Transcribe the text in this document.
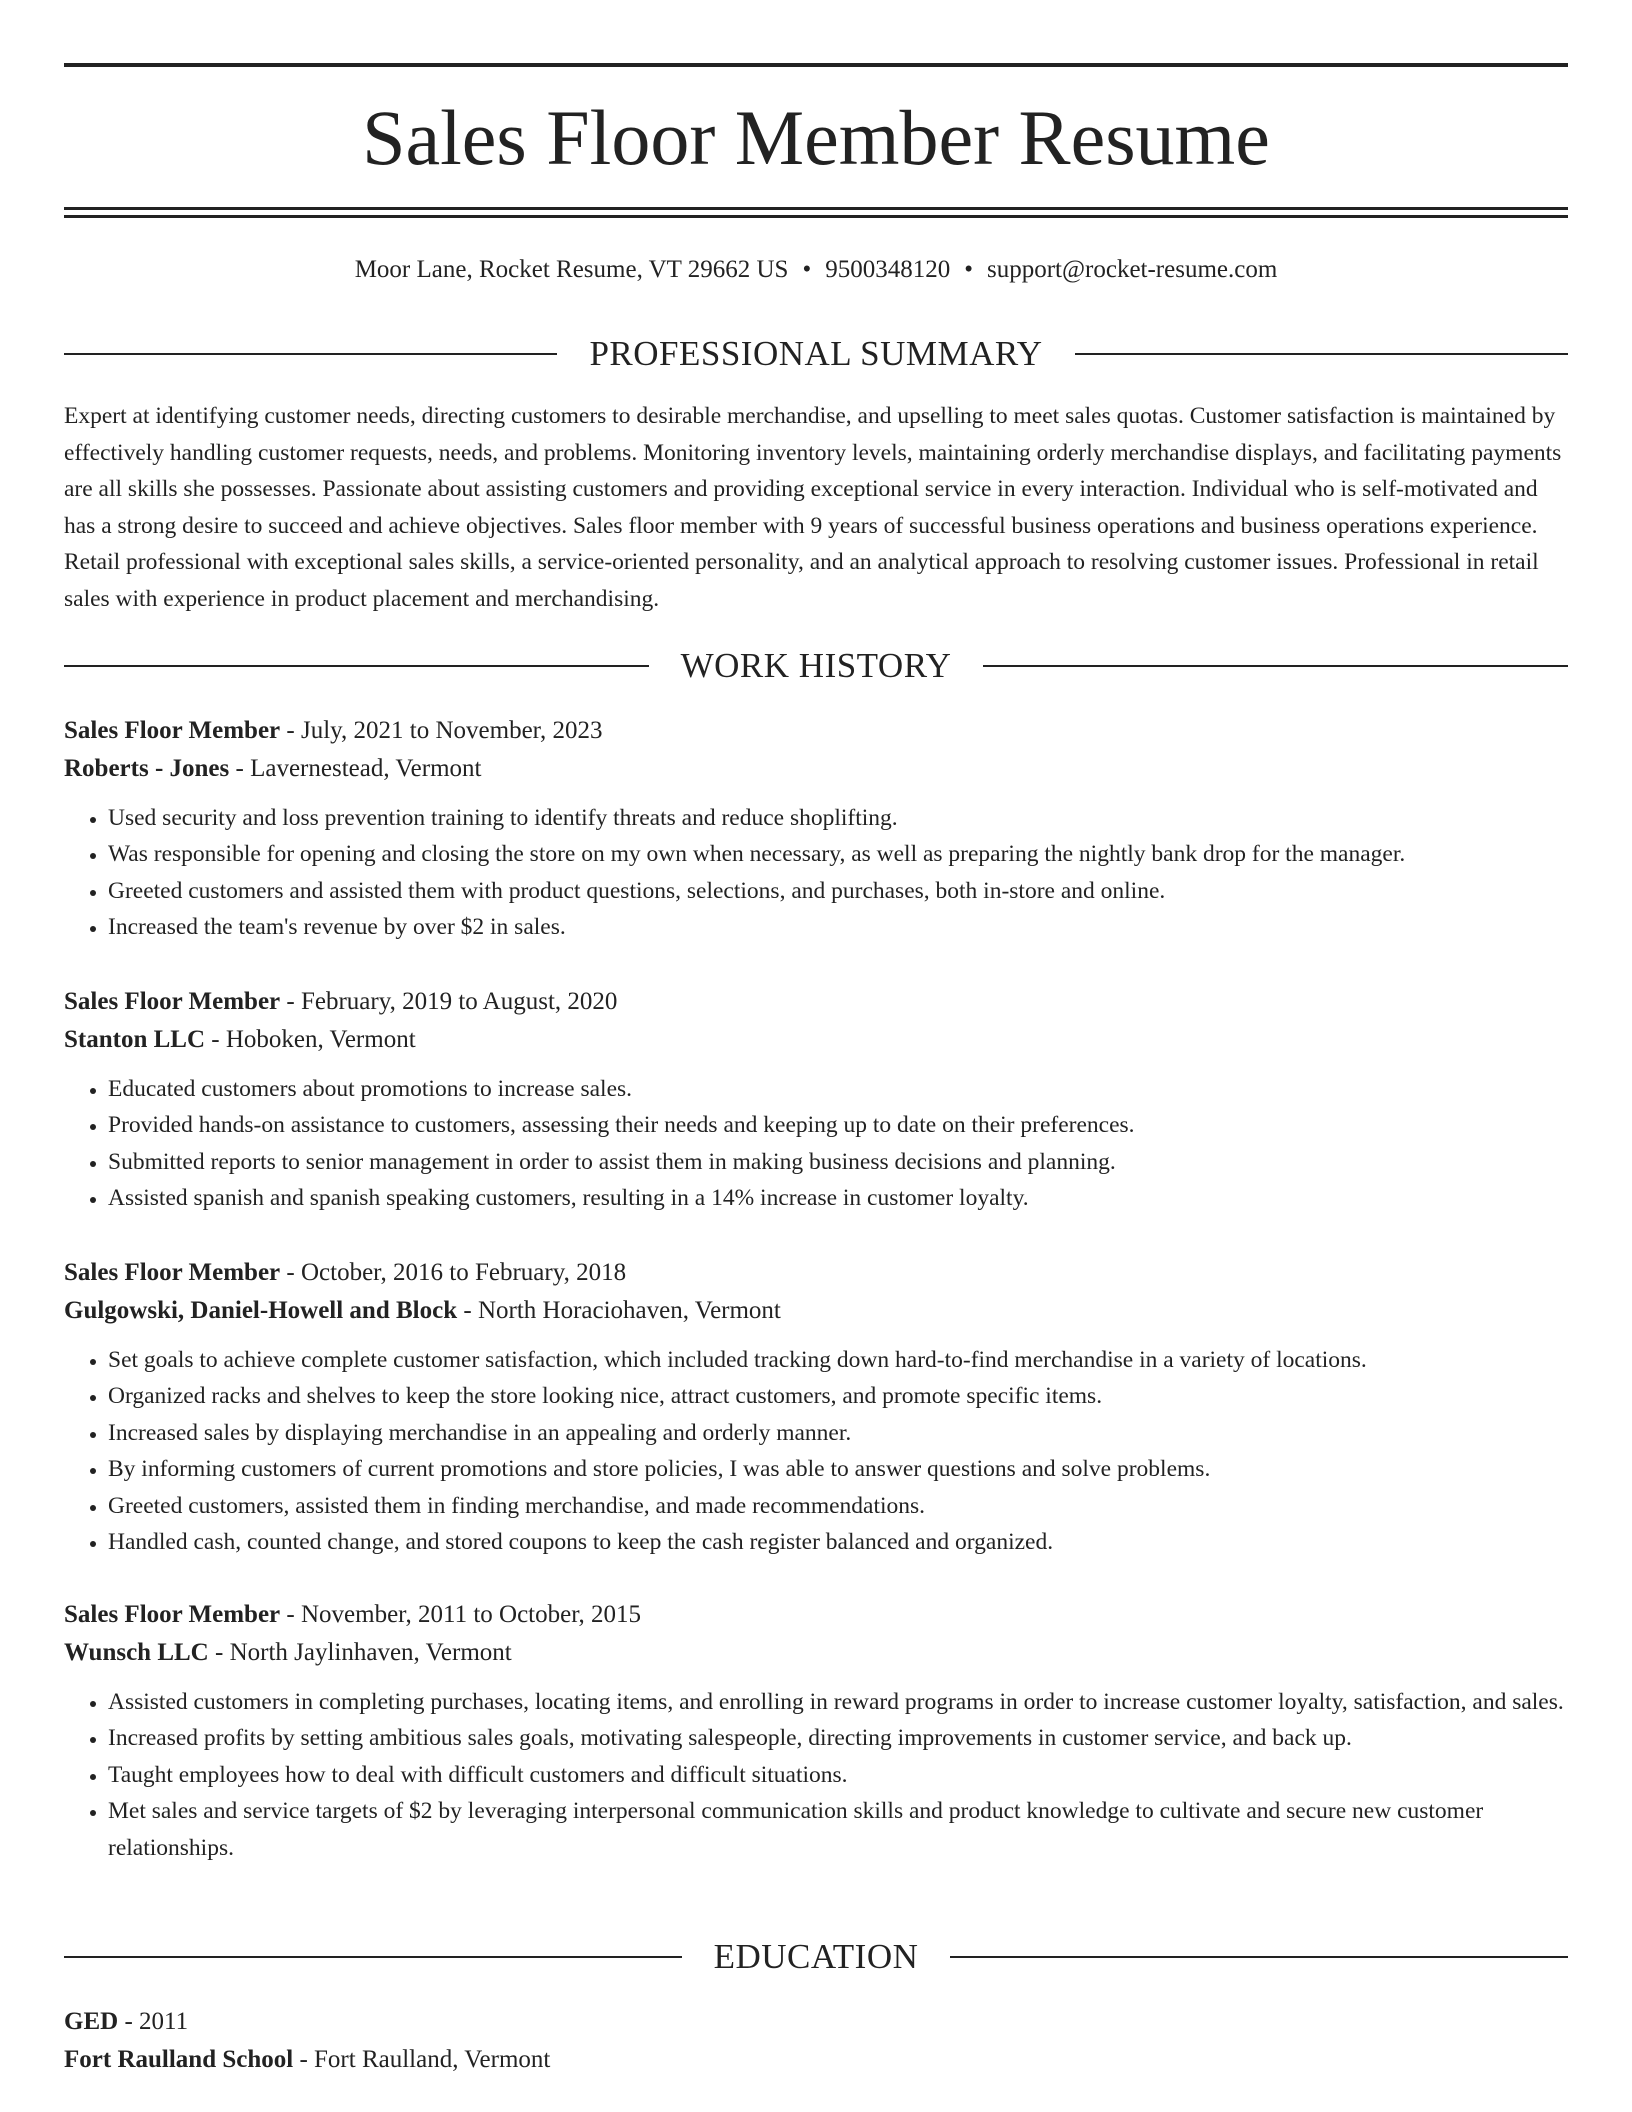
Sales Floor Member Resume
Moor Lane, Rocket Resume, VT 29662 US • 9500348120 • support@rocket-resume.com
PROFESSIONAL SUMMARY
Expert at identifying customer needs, directing customers to desirable merchandise, and upselling to meet sales quotas. Customer satisfaction is maintained by effectively handling customer requests, needs, and problems. Monitoring inventory levels, maintaining orderly merchandise displays, and facilitating payments are all skills she possesses. Passionate about assisting customers and providing exceptional service in every interaction. Individual who is self-motivated and has a strong desire to succeed and achieve objectives. Sales floor member with 9 years of successful business operations and business operations experience. Retail professional with exceptional sales skills, a service-oriented personality, and an analytical approach to resolving customer issues. Professional in retail sales with experience in product placement and merchandising.
WORK HISTORY
Sales Floor Member - July, 2021 to November, 2023
Roberts - Jones - Lavernestead, Vermont
• Used security and loss prevention training to identify threats and reduce shoplifting.
• Was responsible for opening and closing the store on my own when necessary, as well as preparing the nightly bank drop for the manager.
• Greeted customers and assisted them with product questions, selections, and purchases, both in-store and online.
• Increased the team's revenue by over $2 in sales.
Sales Floor Member - February, 2019 to August, 2020
Stanton LLC - Hoboken, Vermont
• Educated customers about promotions to increase sales.
• Provided hands-on assistance to customers, assessing their needs and keeping up to date on their preferences.
• Submitted reports to senior management in order to assist them in making business decisions and planning.
• Assisted spanish and spanish speaking customers, resulting in a 14% increase in customer loyalty.
Sales Floor Member - October, 2016 to February, 2018
Gulgowski, Daniel-Howell and Block - North Horaciohaven, Vermont
• Set goals to achieve complete customer satisfaction, which included tracking down hard-to-find merchandise in a variety of locations.
• Organized racks and shelves to keep the store looking nice, attract customers, and promote specific items.
• Increased sales by displaying merchandise in an appealing and orderly manner.
• By informing customers of current promotions and store policies, I was able to answer questions and solve problems.
• Greeted customers, assisted them in finding merchandise, and made recommendations.
• Handled cash, counted change, and stored coupons to keep the cash register balanced and organized.
Sales Floor Member - November, 2011 to October, 2015
Wunsch LLC - North Jaylinhaven, Vermont
• Assisted customers in completing purchases, locating items, and enrolling in reward programs in order to increase customer loyalty, satisfaction, and sales.
• Increased profits by setting ambitious sales goals, motivating salespeople, directing improvements in customer service, and back up.
• Taught employees how to deal with difficult customers and difficult situations.
• Met sales and service targets of $2 by leveraging interpersonal communication skills and product knowledge to cultivate and secure new customer relationships.
EDUCATION
GED - 2011
Fort Raulland School - Fort Raulland, Vermont
